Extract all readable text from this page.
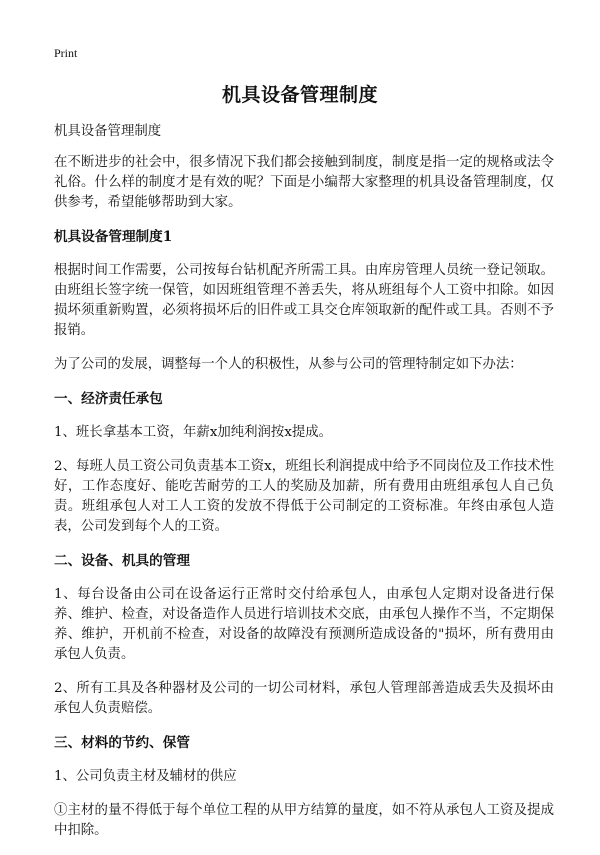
Print
机具设备管理制度

机具设备管理制度

在不断进步的社会中，很多情况下我们都会接触到制度，制度是指一定的规格或法令礼俗。什么样的制度才是有效的呢？下面是小编帮大家整理的机具设备管理制度，仅供参考，希望能够帮助到大家。

机具设备管理制度1

根据时间工作需要，公司按每台钻机配齐所需工具。由库房管理人员统一登记领取。由班组长签字统一保管，如因班组管理不善丢失，将从班组每个人工资中扣除。如因损坏须重新购置，必须将损坏后的旧件或工具交仓库领取新的配件或工具。否则不予报销。

为了公司的发展，调整每一个人的积极性，从参与公司的管理特制定如下办法：

一、经济责任承包

1、班长拿基本工资，年薪x加纯利润按x提成。

2、每班人员工资公司负责基本工资x，班组长利润提成中给予不同岗位及工作技术性好，工作态度好、能吃苦耐劳的工人的奖励及加薪，所有费用由班组承包人自己负责。班组承包人对工人工资的发放不得低于公司制定的工资标准。年终由承包人造表，公司发到每个人的工资。

二、设备、机具的管理

1、每台设备由公司在设备运行正常时交付给承包人，由承包人定期对设备进行保养、维护、检查，对设备造作人员进行培训技术交底，由承包人操作不当，不定期保养、维护，开机前不检查，对设备的故障没有预测所造成设备的"损坏，所有费用由承包人负责。

2、所有工具及各种器材及公司的一切公司材料，承包人管理部善造成丢失及损坏由承包人负责赔偿。

三、材料的节约、保管

1、公司负责主材及辅材的供应

①主材的量不得低于每个单位工程的从甲方结算的量度，如不符从承包人工资及提成中扣除。
